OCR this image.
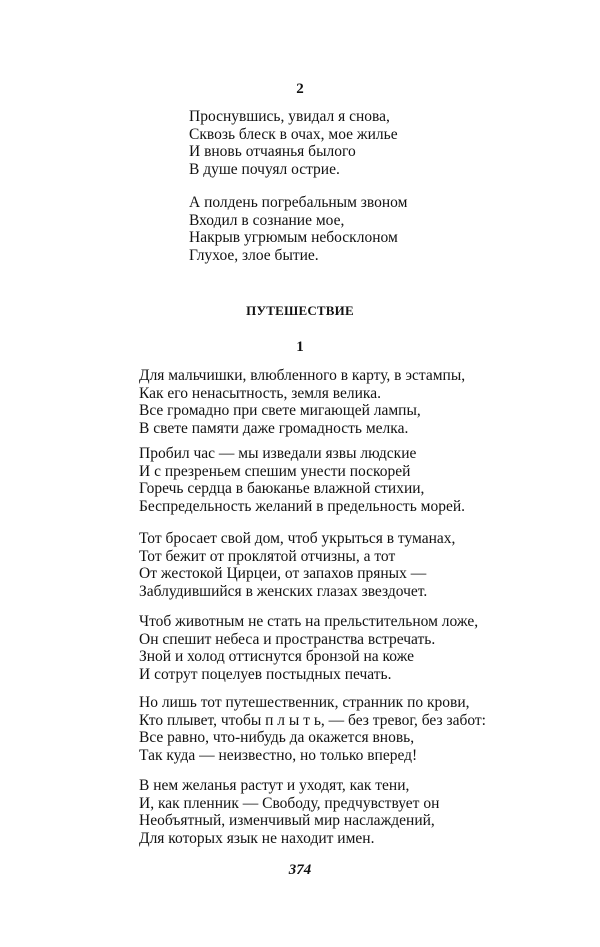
2
Проснувшись, увидал я снова,
Сквозь блеск в очах, мое жилье
И вновь отчаянья былого
В душе почуял острие.
А полдень погребальным звоном
Входил в сознание мое,
Накрыв угрюмым небосклоном
Глухое, злое бытие.
ПУТЕШЕСТВИЕ
1
Для мальчишки, влюбленного в карту, в эстампы,
Как его ненасытность, земля велика.
Все громадно при свете мигающей лампы,
В свете памяти даже громадность мелка.
Пробил час — мы изведали язвы людские
И с презреньем спешим унести поскорей
Горечь сердца в баюканье влажной стихии,
Беспредельность желаний в предельность морей.
Тот бросает свой дом, чтоб укрыться в туманах,
Тот бежит от проклятой отчизны, а тот
От жестокой Цирцеи, от запахов пряных —
Заблудившийся в женских глазах звездочет.
Чтоб животным не стать на прельстительном ложе,
Он спешит небеса и пространства встречать.
Зной и холод оттиснутся бронзой на коже
И сотрут поцелуев постыдных печать.
Но лишь тот путешественник, странник по крови,
Кто плывет, чтобы п л ы т ь, — без тревог, без забот:
Все равно, что-нибудь да окажется вновь,
Так куда — неизвестно, но только вперед!
В нем желанья растут и уходят, как тени,
И, как пленник — Свободу, предчувствует он
Необъятный, изменчивый мир наслаждений,
Для которых язык не находит имен.
374
